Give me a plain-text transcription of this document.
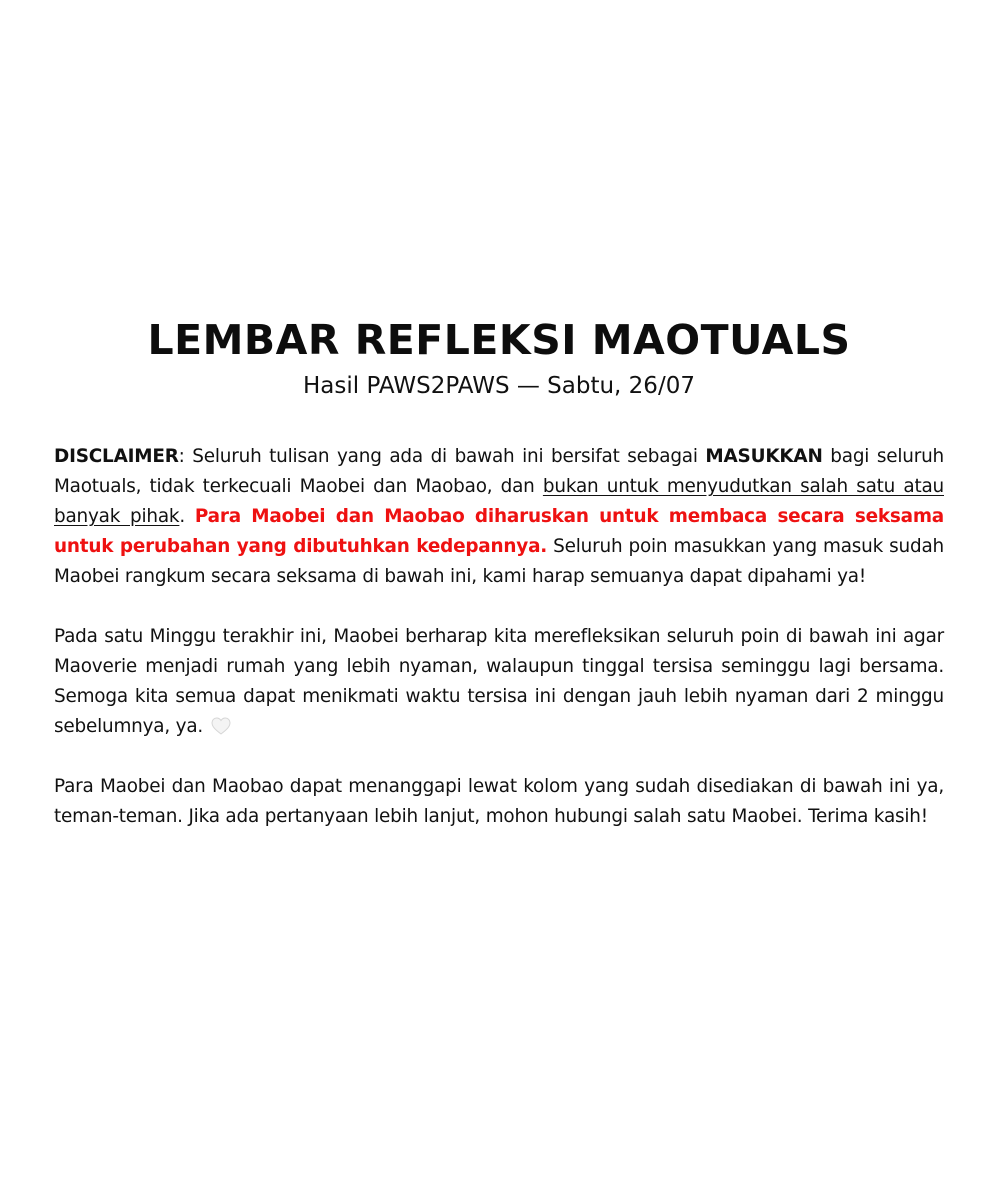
LEMBAR REFLEKSI MAOTUALS
Hasil PAWS2PAWS — Sabtu, 26/07

DISCLAIMER: Seluruh tulisan yang ada di bawah ini bersifat sebagai MASUKKAN bagi seluruh Maotuals, tidak terkecuali Maobei dan Maobao, dan bukan untuk menyudutkan salah satu atau banyak pihak. Para Maobei dan Maobao diharuskan untuk membaca secara seksama untuk perubahan yang dibutuhkan kedepannya. Seluruh poin masukkan yang masuk sudah Maobei rangkum secara seksama di bawah ini, kami harap semuanya dapat dipahami ya!

Pada satu Minggu terakhir ini, Maobei berharap kita merefleksikan seluruh poin di bawah ini agar Maoverie menjadi rumah yang lebih nyaman, walaupun tinggal tersisa seminggu lagi bersama. Semoga kita semua dapat menikmati waktu tersisa ini dengan jauh lebih nyaman dari 2 minggu sebelumnya, ya.

Para Maobei dan Maobao dapat menanggapi lewat kolom yang sudah disediakan di bawah ini ya, teman-teman. Jika ada pertanyaan lebih lanjut, mohon hubungi salah satu Maobei. Terima kasih!
